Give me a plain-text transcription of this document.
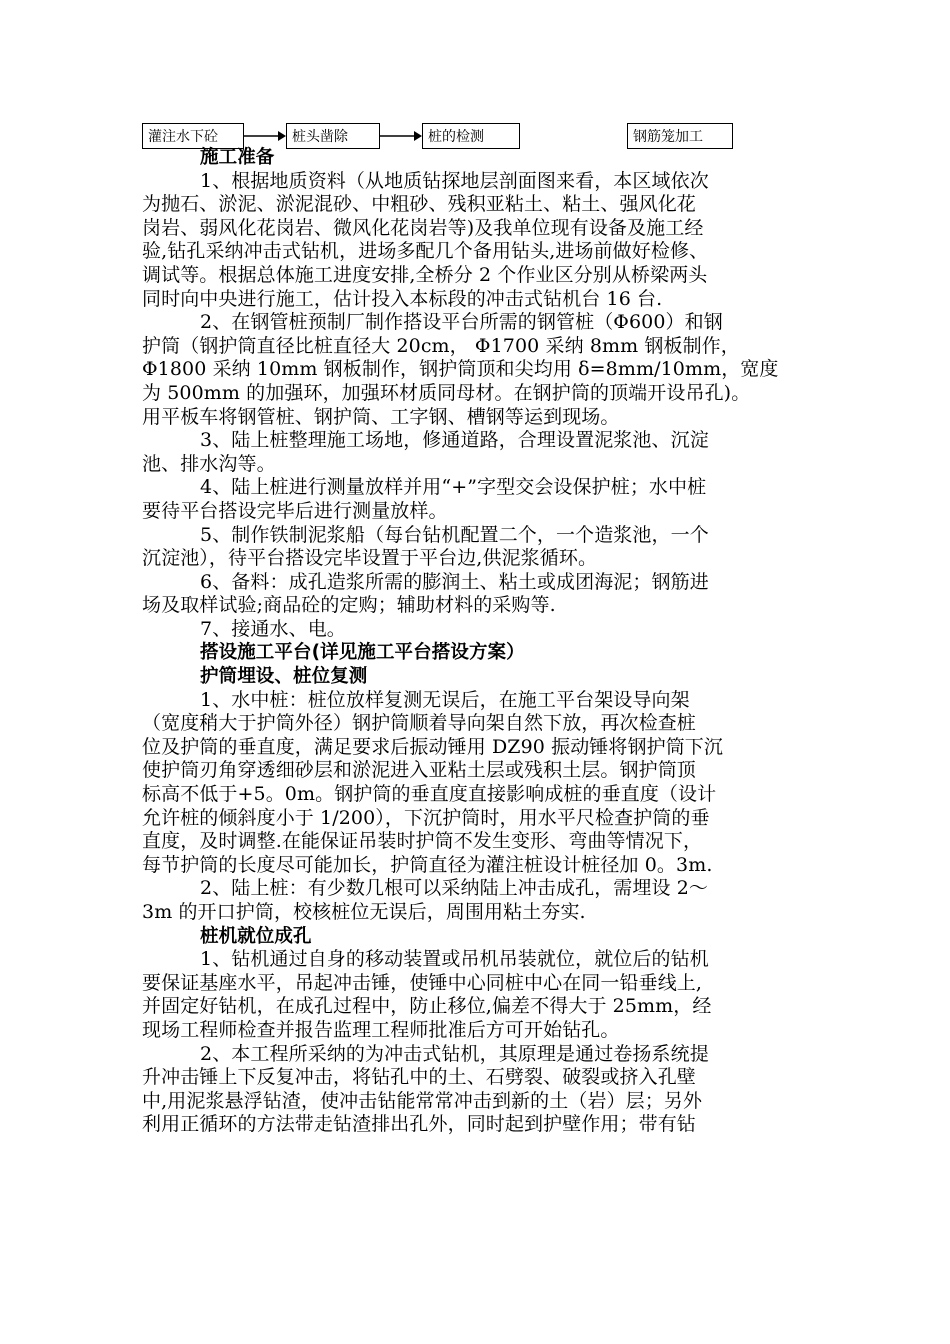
灌注水下砼	桩头凿除	桩的检测	钢筋笼加工
施工准备
1、根据地质资料（从地质钻探地层剖面图来看，本区域依次
为抛石、淤泥、淤泥混砂、中粗砂、残积亚粘土、粘土、强风化花
岗岩、弱风化花岗岩、微风化花岗岩等)及我单位现有设备及施工经
验,钻孔采纳冲击式钻机，进场多配几个备用钻头,进场前做好检修、
调试等。根据总体施工进度安排,全桥分 2 个作业区分别从桥梁两头
同时向中央进行施工，估计投入本标段的冲击式钻机台 16 台.
2、在钢管桩预制厂制作搭设平台所需的钢管桩（Φ600）和钢
护筒（钢护筒直径比桩直径大 20cm， Φ1700 采纳 8mm 钢板制作，
Φ1800 采纳 10mm 钢板制作，钢护筒顶和尖均用 δ=8mm/10mm，宽度
为 500mm 的加强环，加强环材质同母材。在钢护筒的顶端开设吊孔)。
用平板车将钢管桩、钢护筒、工字钢、槽钢等运到现场。
3、陆上桩整理施工场地，修通道路，合理设置泥浆池、沉淀
池、排水沟等。
4、陆上桩进行测量放样并用“+”字型交会设保护桩；水中桩
要待平台搭设完毕后进行测量放样。
5、制作铁制泥浆船（每台钻机配置二个，一个造浆池，一个
沉淀池），待平台搭设完毕设置于平台边,供泥浆循环。
6、备料：成孔造浆所需的膨润土、粘土或成团海泥；钢筋进
场及取样试验;商品砼的定购；辅助材料的采购等.
7、接通水、电。
搭设施工平台(详见施工平台搭设方案）
护筒埋设、桩位复测
1、水中桩：桩位放样复测无误后，在施工平台架设导向架
（宽度稍大于护筒外径）钢护筒顺着导向架自然下放，再次检查桩
位及护筒的垂直度，满足要求后振动锤用 DZ90 振动锤将钢护筒下沉
使护筒刃角穿透细砂层和淤泥进入亚粘土层或残积土层。钢护筒顶
标高不低于+5。0m。钢护筒的垂直度直接影响成桩的垂直度（设计
允许桩的倾斜度小于 1/200），下沉护筒时，用水平尺检查护筒的垂
直度，及时调整.在能保证吊装时护筒不发生变形、弯曲等情况下，
每节护筒的长度尽可能加长，护筒直径为灌注桩设计桩径加 0。3m.
2、陆上桩：有少数几根可以采纳陆上冲击成孔，需埋设 2～
3m 的开口护筒，校核桩位无误后，周围用粘土夯实.
桩机就位成孔
1、钻机通过自身的移动装置或吊机吊装就位，就位后的钻机
要保证基座水平，吊起冲击锤，使锤中心同桩中心在同一铅垂线上,
并固定好钻机，在成孔过程中，防止移位,偏差不得大于 25mm，经
现场工程师检查并报告监理工程师批准后方可开始钻孔。
2、本工程所采纳的为冲击式钻机，其原理是通过卷扬系统提
升冲击锤上下反复冲击，将钻孔中的土、石劈裂、破裂或挤入孔壁
中,用泥浆悬浮钻渣，使冲击钻能常常冲击到新的土（岩）层；另外
利用正循环的方法带走钻渣排出孔外，同时起到护壁作用；带有钻
